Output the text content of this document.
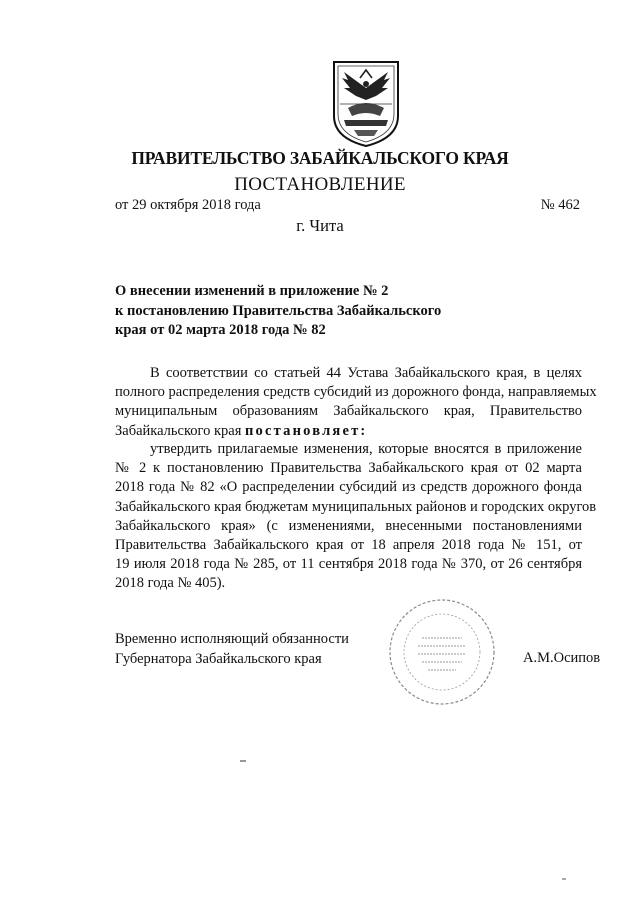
ПРАВИТЕЛЬСТВО ЗАБАЙКАЛЬСКОГО КРАЯ
ПОСТАНОВЛЕНИЕ
от 29 октября 2018 года	№ 462
г. Чита
О внесении изменений в приложение № 2
к постановлению Правительства Забайкальского
края от 02 марта 2018 года № 82
В соответствии со статьей 44 Устава Забайкальского края, в целях
полного распределения средств субсидий из дорожного фонда, направляемых
муниципальным образованиям Забайкальского края, Правительство
Забайкальского края постановляет:
утвердить прилагаемые изменения, которые вносятся в приложение
№ 2 к постановлению Правительства Забайкальского края от 02 марта
2018 года № 82 «О распределении субсидий из средств дорожного фонда
Забайкальского края бюджетам муниципальных районов и городских округов
Забайкальского края» (с изменениями, внесенными постановлениями
Правительства Забайкальского края от 18 апреля 2018 года № 151, от
19 июля 2018 года № 285, от 11 сентября 2018 года № 370, от 26 сентября
2018 года № 405).
Временно исполняющий обязанности
Губернатора Забайкальского края	А.М.Осипов
